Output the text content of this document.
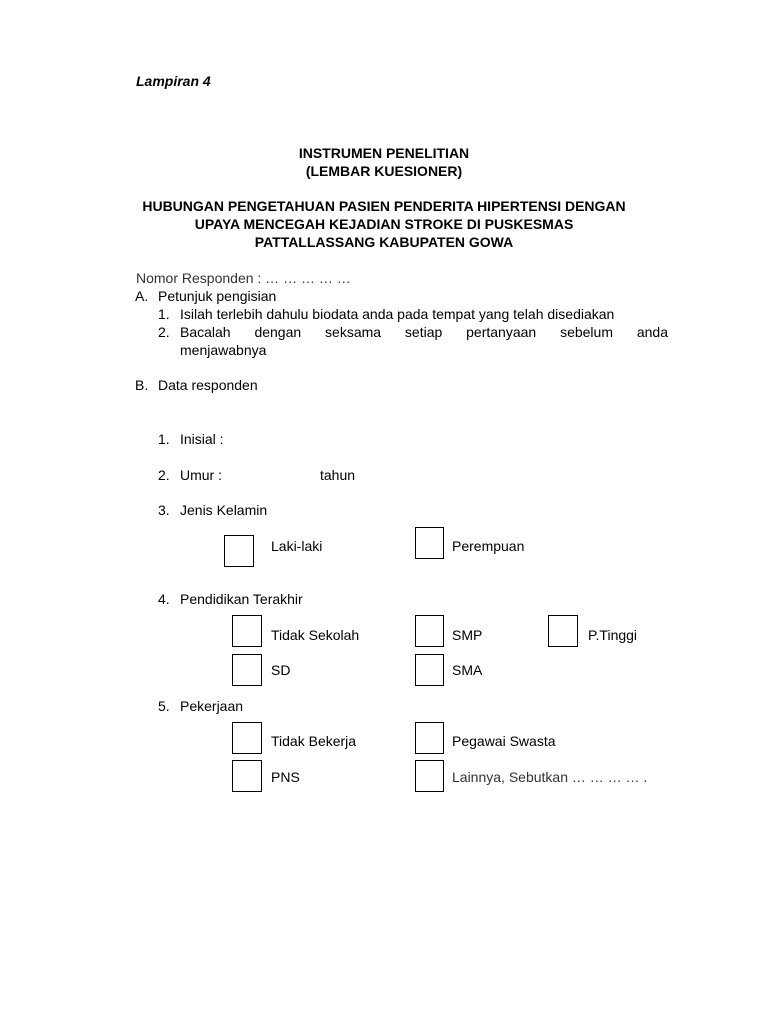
Lampiran 4
INSTRUMEN PENELITIAN
(LEMBAR KUESIONER)
HUBUNGAN PENGETAHUAN PASIEN PENDERITA HIPERTENSI DENGAN
UPAYA MENCEGAH KEJADIAN STROKE DI PUSKESMAS
PATTALLASSANG KABUPATEN GOWA
Nomor Responden : … … … … …
A. Petunjuk pengisian
1. Isilah terlebih dahulu biodata anda pada tempat yang telah disediakan
2. Bacalah dengan seksama setiap pertanyaan sebelum anda
menjawabnya
B. Data responden
1. Inisial :
2. Umur :	tahun
3. Jenis Kelamin
Laki-laki	Perempuan
4. Pendidikan Terakhir
Tidak Sekolah	SMP	P.Tinggi
SD	SMA
5. Pekerjaan
Tidak Bekerja	Pegawai Swasta
PNS	Lainnya, Sebutkan … … … … .
